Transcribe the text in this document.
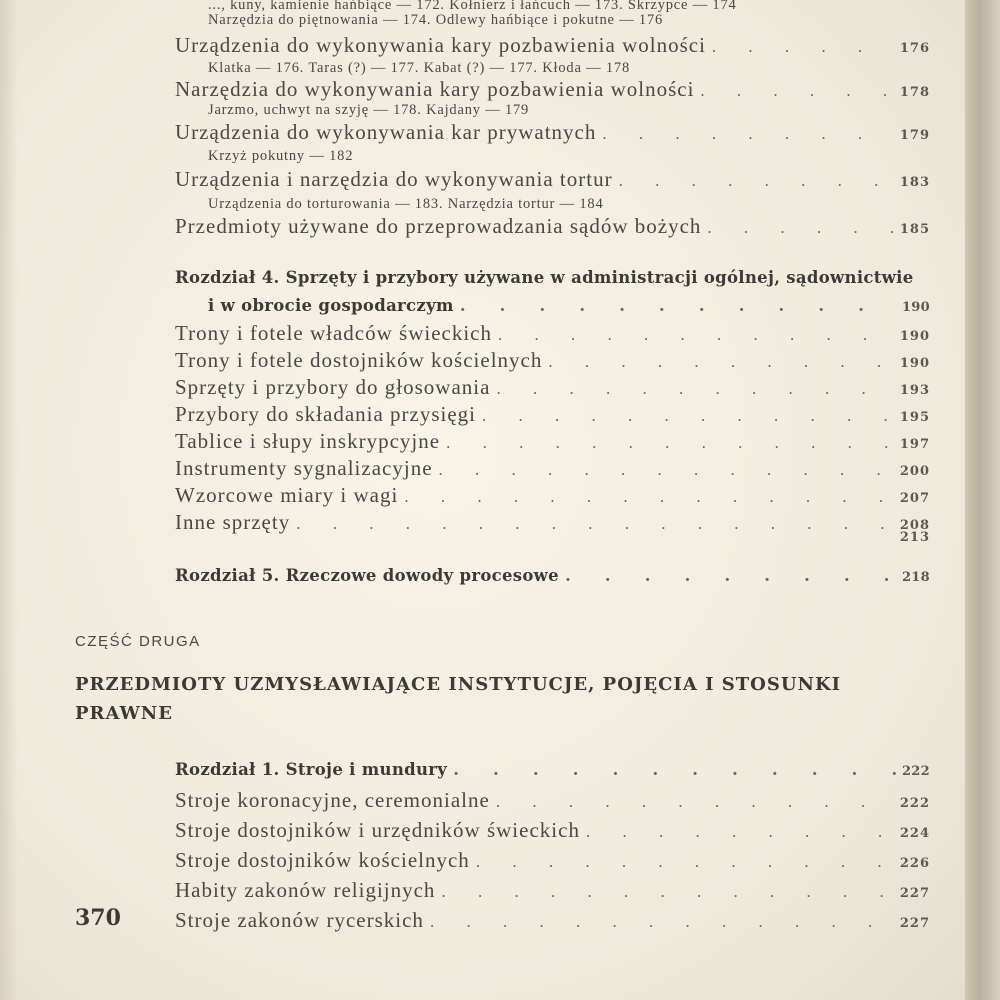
..., kuny, kamienie hańbiące — 172. Kołnierz i łańcuch — 173. Skrzypce — 174
Narzędzia do piętnowania — 174. Odlewy hańbiące i pokutne — 176
Urządzenia do wykonywania kary pozbawienia wolności . . .	176
Klatka — 176. Taras (?) — 177. Kabat (?) — 177. Kłoda — 178
Narzędzia do wykonywania kary pozbawienia wolności . . .	178
Jarzmo, uchwyt na szyję — 178. Kajdany — 179
Urządzenia do wykonywania kar prywatnych . . .	179
Krzyż pokutny — 182
Urządzenia i narzędzia do wykonywania tortur . . .	183
Urządzenia do torturowania — 183. Narzędzia tortur — 184
Przedmioty używane do przeprowadzania sądów bożych . . .	185
Rozdział 4. Sprzęty i przybory używane w administracji ogólnej, sądownictwie
i w obrocie gospodarczym . . .	190
Trony i fotele władców świeckich . . .	190
Trony i fotele dostojników kościelnych . . .	190
Sprzęty i przybory do głosowania . . .	193
Przybory do składania przysięgi . . .	195
Tablice i słupy inskrypcyjne . . .	197
Instrumenty sygnalizacyjne . . .	200
Wzorcowe miary i wagi . . .	207
Inne sprzęty . . .	208
213
Rozdział 5. Rzeczowe dowody procesowe . . .	218
CZĘŚĆ DRUGA
PRZEDMIOTY UZMYSŁAWIAJĄCE INSTYTUCJE, POJĘCIA I STOSUNKI PRAWNE
Rozdział 1. Stroje i mundury . . .	222
Stroje koronacyjne, ceremonialne . . .	222
Stroje dostojników i urzędników świeckich . . .	224
Stroje dostojników kościelnych . . .	226
Habity zakonów religijnych . . .	227
Stroje zakonów rycerskich . . .	227
370
